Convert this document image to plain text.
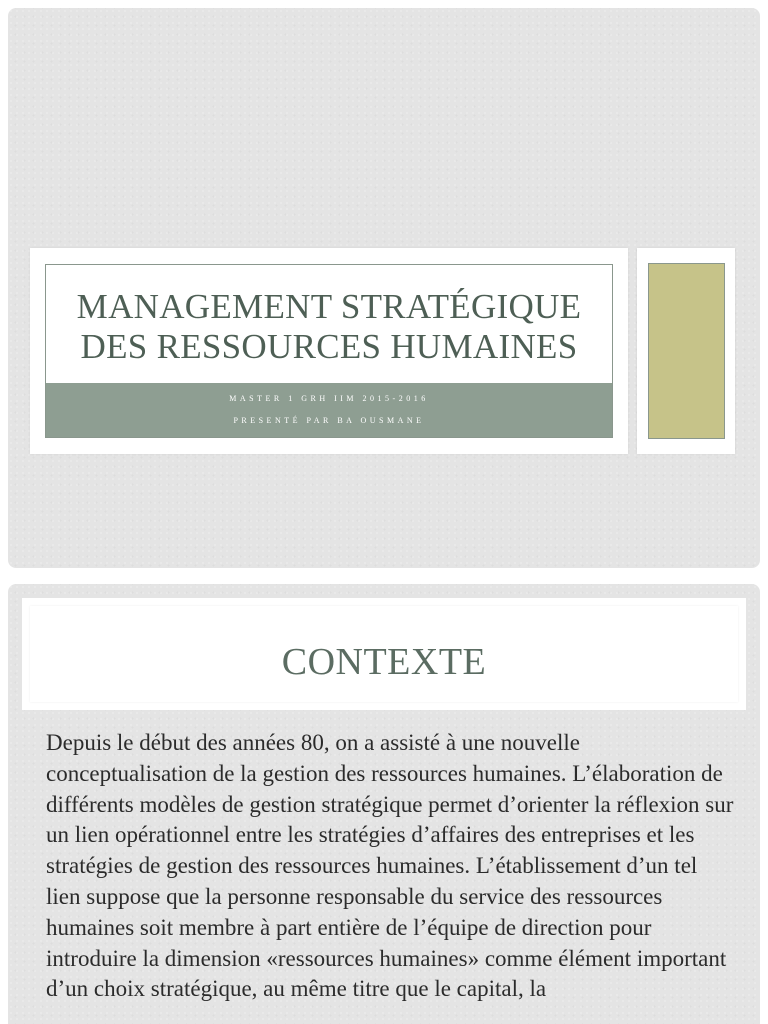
MANAGEMENT STRATÉGIQUE DES RESSOURCES HUMAINES
MASTER 1 GRH IIM 2015-2016
PRESENTÉ PAR BA OUSMANE
CONTEXTE

Depuis le début des années 80, on a assisté à une nouvelle conceptualisation de la gestion des ressources humaines. L’élaboration de différents modèles de gestion stratégique permet d’orienter la réflexion sur un lien opérationnel entre les stratégies d’affaires des entreprises et les stratégies de gestion des ressources humaines. L’établissement d’un tel lien suppose que la personne responsable du service des ressources humaines soit membre à part entière de l’équipe de direction pour introduire la dimension «ressources humaines» comme élément important d’un choix stratégique, au même titre que le capital, la
